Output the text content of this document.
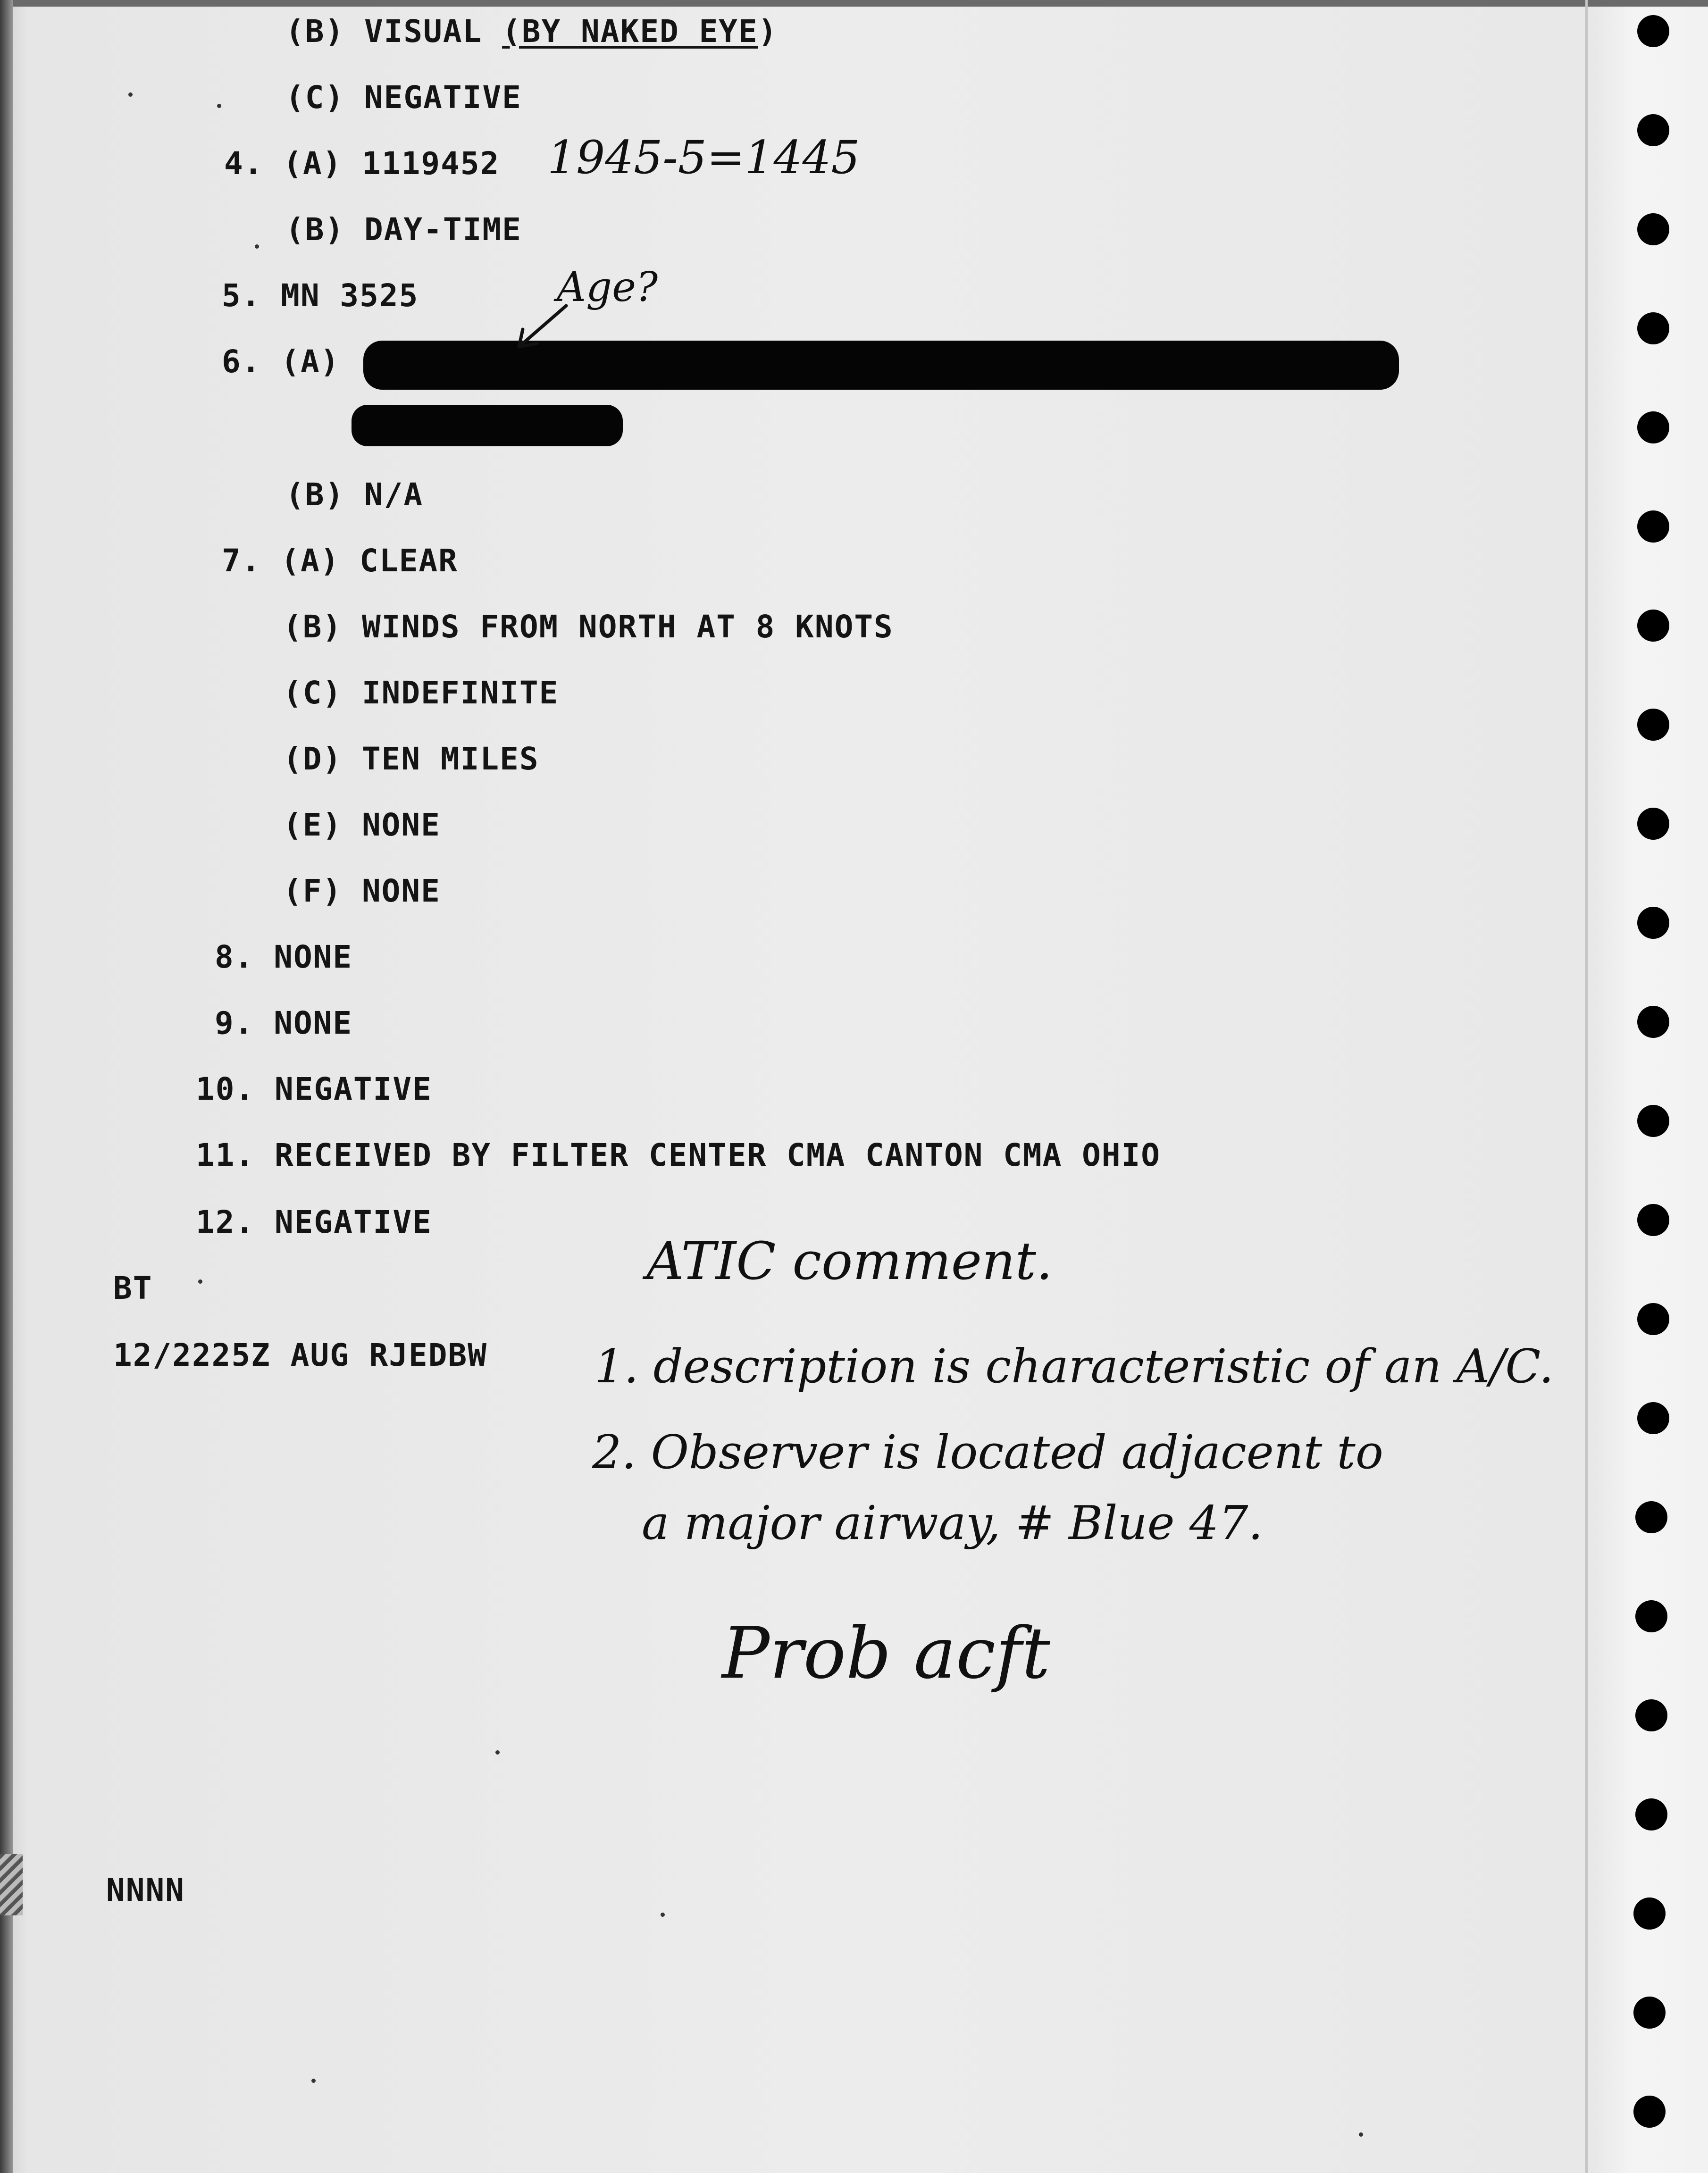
(B) VISUAL (BY NAKED EYE)
(C) NEGATIVE
4. (A) 1119452
(B) DAY-TIME
5. MN 3525
6. (A)
(B) N/A
7. (A) CLEAR
(B) WINDS FROM NORTH AT 8 KNOTS
(C) INDEFINITE
(D) TEN MILES
(E) NONE
(F) NONE
8. NONE
9. NONE
10. NEGATIVE
11. RECEIVED BY FILTER CENTER CMA CANTON CMA OHIO
12. NEGATIVE
BT
12/2225Z AUG RJEDBW
NNNN
1945-5=1445
Age?
ATIC comment.
1. description is characteristic of an A/C.
2. Observer is located adjacent to
a major airway, # Blue 47.
Prob acft
